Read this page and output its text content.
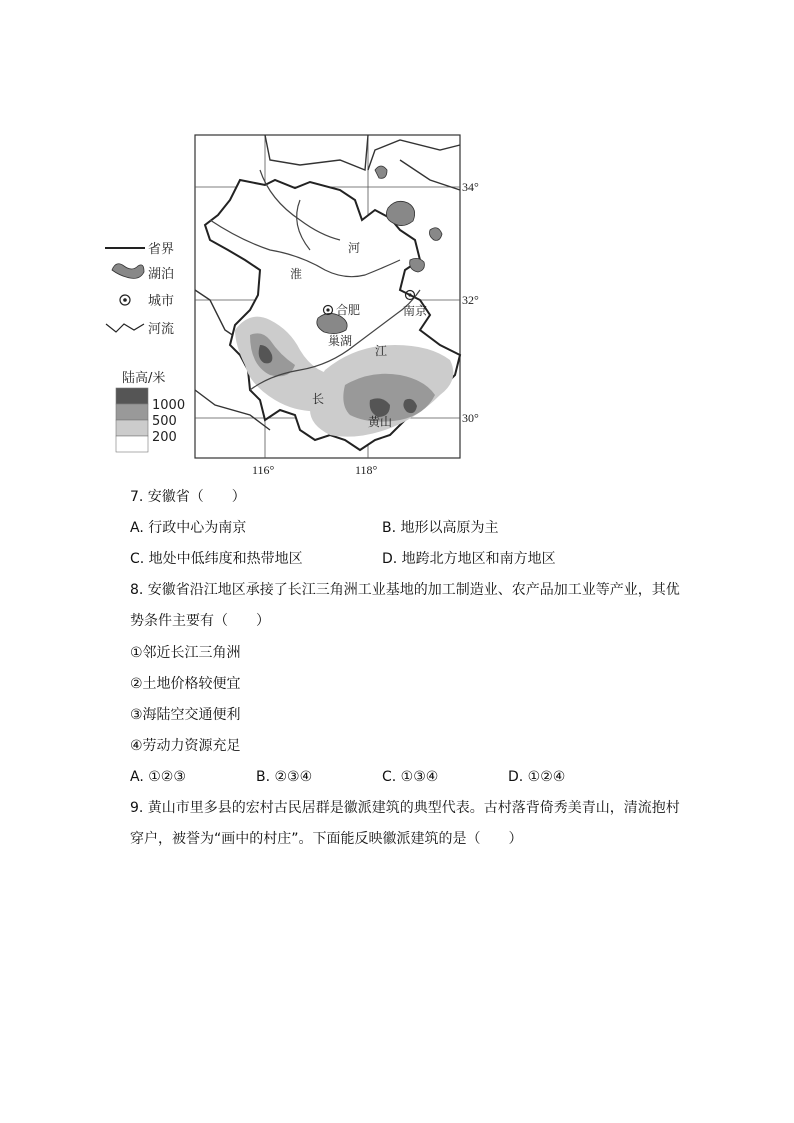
省界
湖泊
城市
河流
陆高/米
1000
500
200
淮
河
合肥	南京
巢湖
江
长
黄山
34°
32°
30°
116°	118°
7. 安徽省（　　）
A. 行政中心为南京	B. 地形以高原为主
C. 地处中低纬度和热带地区	D. 地跨北方地区和南方地区
8. 安徽省沿江地区承接了长江三角洲工业基地的加工制造业、农产品加工业等产业，其优
势条件主要有（　　）
①邻近长江三角洲
②土地价格较便宜
③海陆空交通便利
④劳动力资源充足
A. ①②③	B. ②③④	C. ①③④	D. ①②④
9. 黄山市里多县的宏村古民居群是徽派建筑的典型代表。古村落背倚秀美青山，清流抱村
穿户，被誉为“画中的村庄”。下面能反映徽派建筑的是（　　）
